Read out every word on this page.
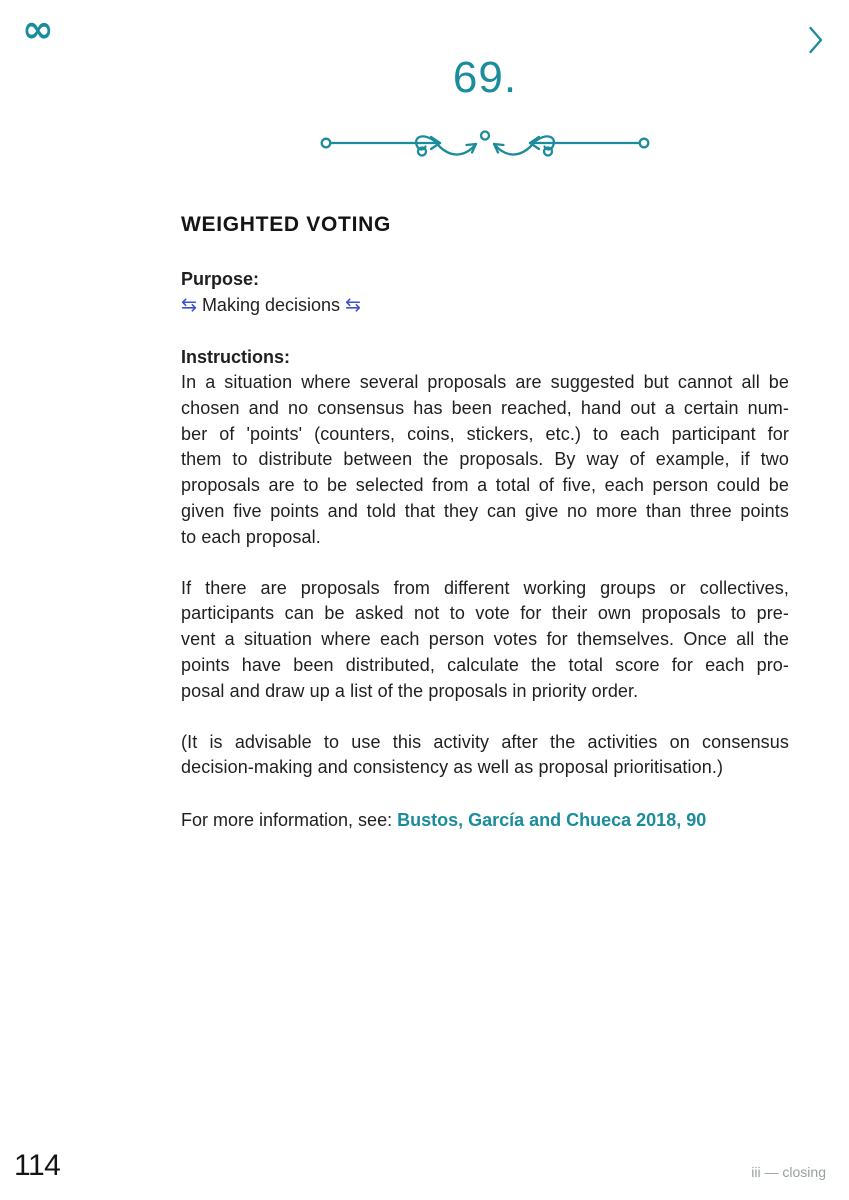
∞
69.
WEIGHTED VOTING
Purpose:
⇆ Making decisions ⇆
Instructions:
In a situation where several proposals are suggested but cannot all be
chosen and no consensus has been reached, hand out a certain num-
ber of 'points' (counters, coins, stickers, etc.) to each participant for
them to distribute between the proposals. By way of example, if two
proposals are to be selected from a total of five, each person could be
given five points and told that they can give no more than three points
to each proposal.
If there are proposals from different working groups or collectives,
participants can be asked not to vote for their own proposals to pre-
vent a situation where each person votes for themselves. Once all the
points have been distributed, calculate the total score for each pro-
posal and draw up a list of the proposals in priority order.
(It is advisable to use this activity after the activities on consensus
decision-making and consistency as well as proposal prioritisation.)
For more information, see: Bustos, García and Chueca 2018, 90
114	iii — closing
